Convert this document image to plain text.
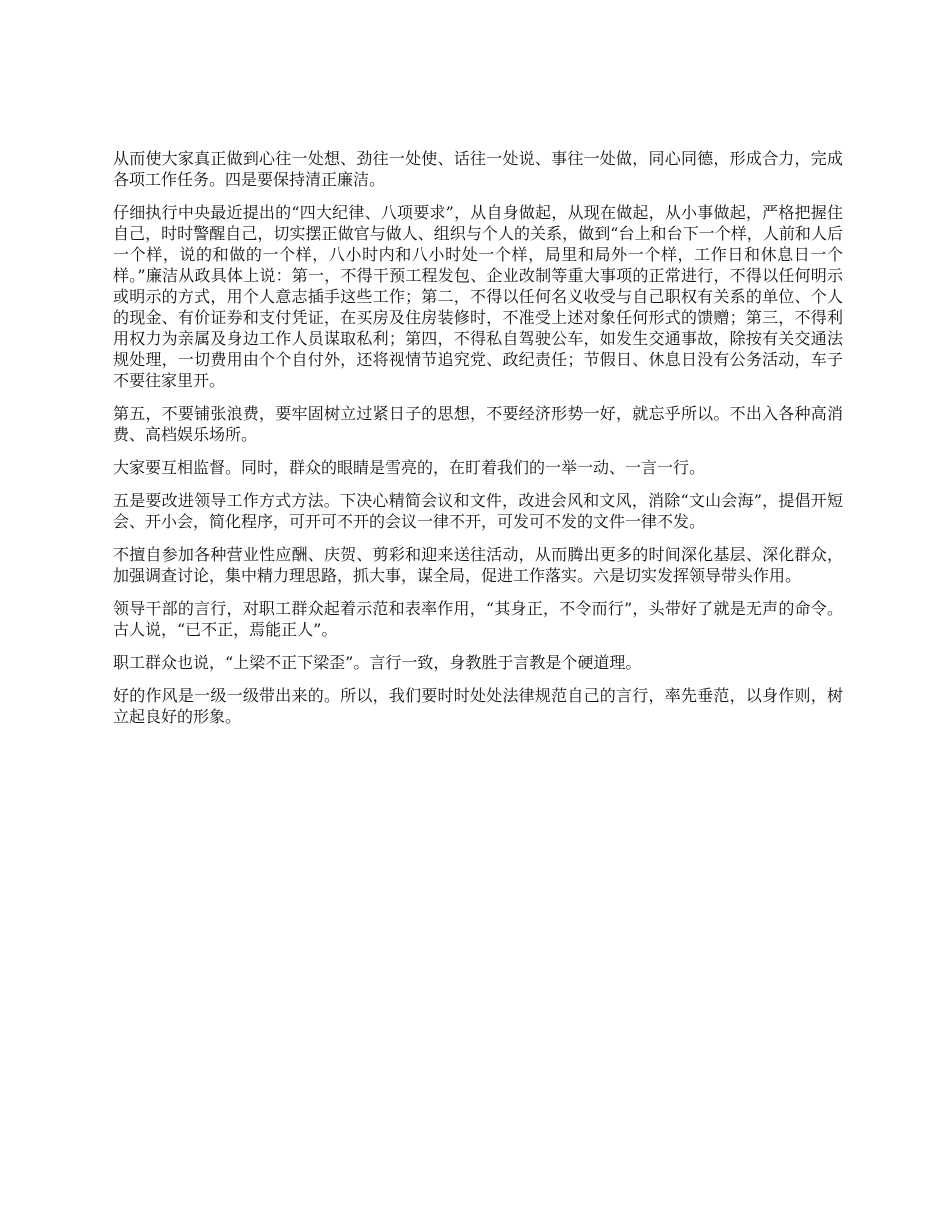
从而使大家真正做到心往一处想、劲往一处使、话往一处说、事往一处做，同心同德，形成合力，完成各项工作任务。四是要保持清正廉洁。

仔细执行中央最近提出的“四大纪律、八项要求”，从自身做起，从现在做起，从小事做起，严格把握住自己，时时警醒自己，切实摆正做官与做人、组织与个人的关系，做到“台上和台下一个样，人前和人后一个样，说的和做的一个样，八小时内和八小时处一个样，局里和局外一个样，工作日和休息日一个样。”廉洁从政具体上说：第一，不得干预工程发包、企业改制等重大事项的正常进行，不得以任何明示或明示的方式，用个人意志插手这些工作；第二，不得以任何名义收受与自己职权有关系的单位、个人的现金、有价证券和支付凭证，在买房及住房装修时，不准受上述对象任何形式的馈赠；第三，不得利用权力为亲属及身边工作人员谋取私利；第四，不得私自驾驶公车，如发生交通事故，除按有关交通法规处理，一切费用由个个自付外，还将视情节追究党、政纪责任；节假日、休息日没有公务活动，车子不要往家里开。

第五，不要铺张浪费，要牢固树立过紧日子的思想，不要经济形势一好，就忘乎所以。不出入各种高消费、高档娱乐场所。

大家要互相监督。同时，群众的眼睛是雪亮的，在盯着我们的一举一动、一言一行。

五是要改进领导工作方式方法。下决心精简会议和文件，改进会风和文风，消除“文山会海”，提倡开短会、开小会，简化程序，可开可不开的会议一律不开，可发可不发的文件一律不发。

不擅自参加各种营业性应酬、庆贺、剪彩和迎来送往活动，从而腾出更多的时间深化基层、深化群众，加强调查讨论，集中精力理思路，抓大事，谋全局，促进工作落实。六是切实发挥领导带头作用。

领导干部的言行，对职工群众起着示范和表率作用，“其身正，不令而行”，头带好了就是无声的命令。古人说，“已不正，焉能正人”。

职工群众也说，“上梁不正下梁歪”。言行一致，身教胜于言教是个硬道理。

好的作风是一级一级带出来的。所以，我们要时时处处法律规范自己的言行，率先垂范，以身作则，树立起良好的形象。
